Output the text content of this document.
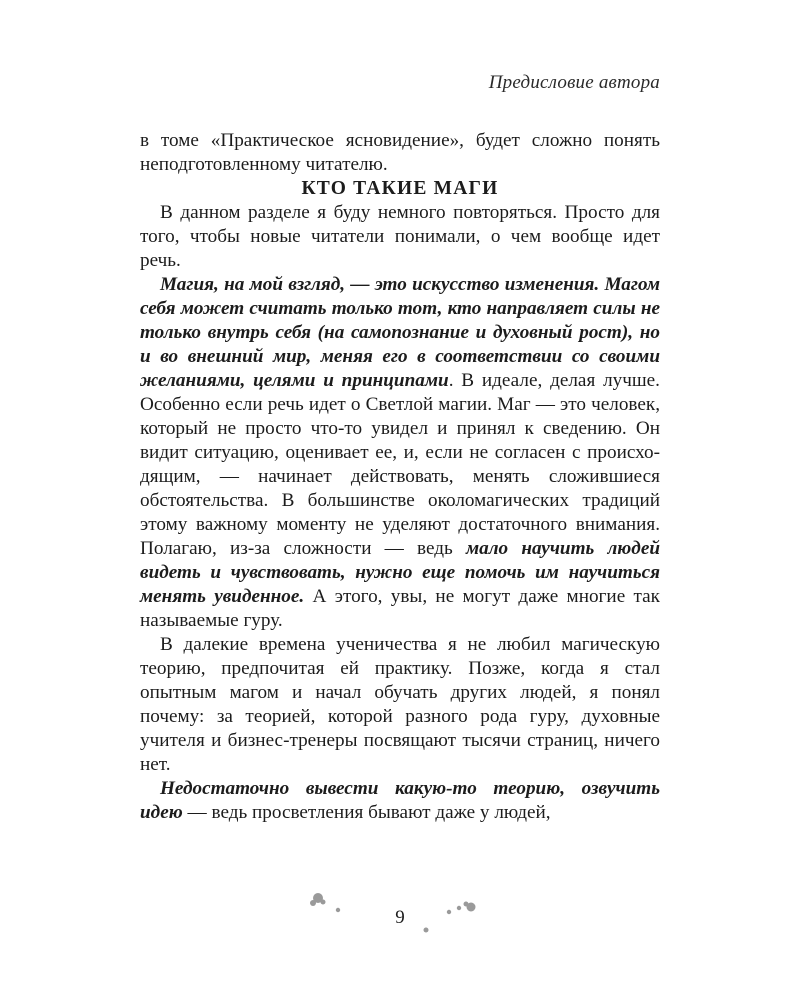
Предисловие автора

в томе «Практическое ясновидение», будет сложно понять неподготовленному читателю.

КТО ТАКИЕ МАГИ

В данном разделе я буду немного повторяться. Просто для того, чтобы новые читатели понимали, о чем вообще идет речь.

Магия, на мой взгляд, — это искусство изменения. Магом себя может считать только тот, кто направляет силы не только внутрь себя (на самопознание и духовный рост), но и во внешний мир, меняя его в соответствии со своими желаниями, целями и принципами. В идеале, делая лучше. Особенно если речь идет о Светлой магии. Маг — это человек, который не просто что-то увидел и принял к сведению. Он видит ситуацию, оценивает ее, и, если не согласен с происходящим, — начинает действовать, менять сложившиеся обстоятельства. В большинстве околомагических традиций этому важному моменту не уделяют достаточного внимания. Полагаю, из-за сложности — ведь мало научить людей видеть и чувствовать, нужно еще помочь им научиться менять увиденное. А этого, увы, не могут даже многие так называемые гуру.

В далекие времена ученичества я не любил магическую теорию, предпочитая ей практику. Позже, когда я стал опытным магом и начал обучать других людей, я понял почему: за теорией, которой разного рода гуру, духовные учителя и бизнес-тренеры посвящают тысячи страниц, ничего нет.

Недостаточно вывести какую-то теорию, озвучить идею — ведь просветления бывают даже у людей,

9
